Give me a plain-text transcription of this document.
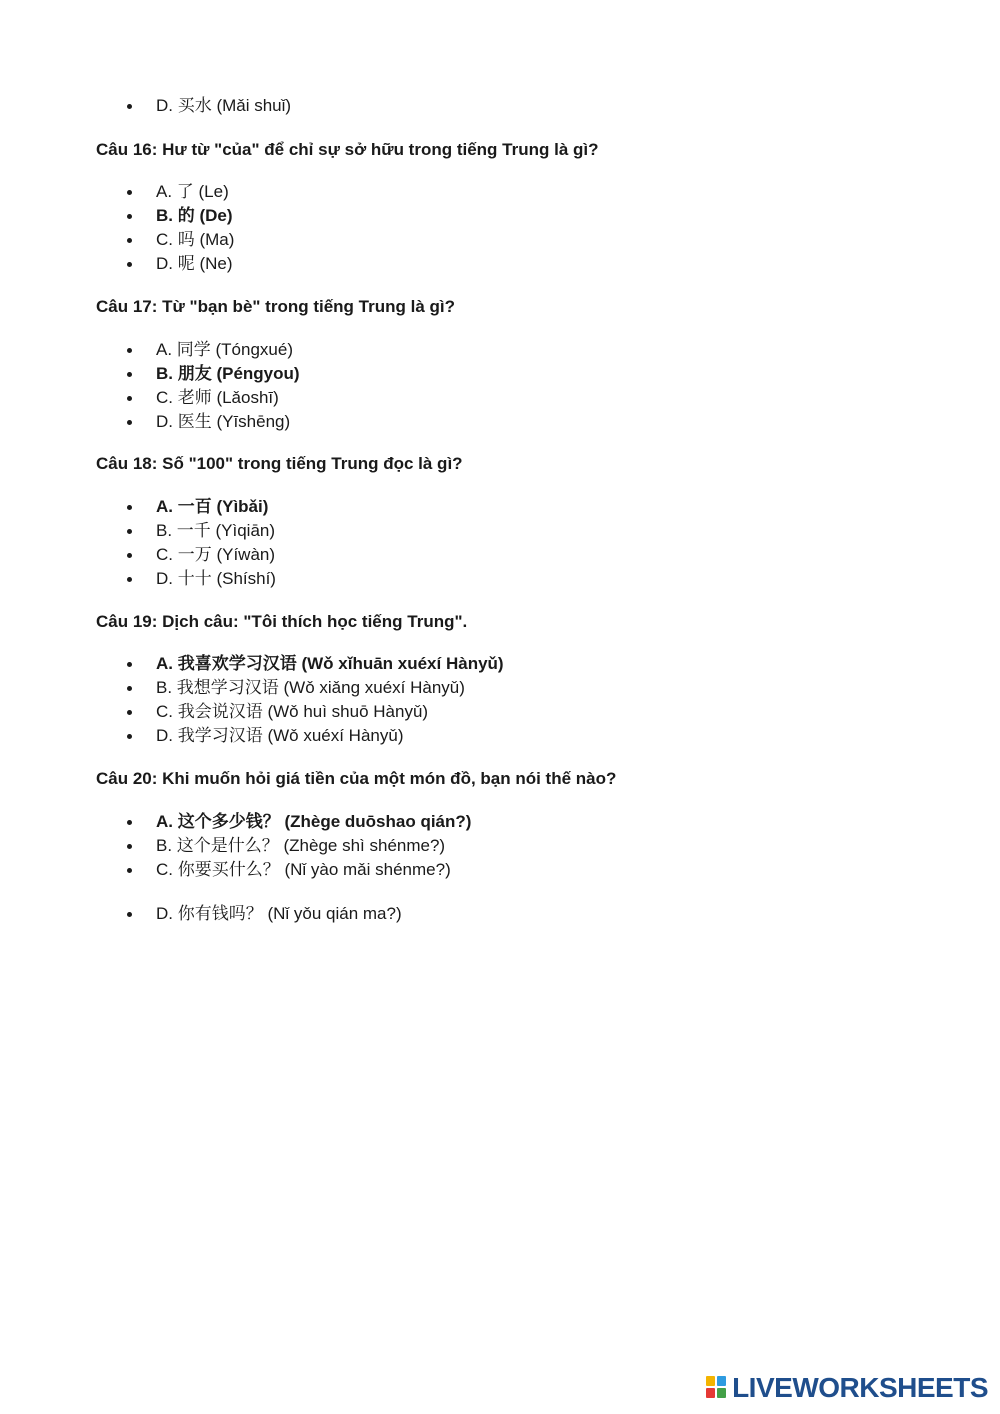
D. 买水 (Mǎi shuǐ)
Câu 16: Hư từ "của" để chỉ sự sở hữu trong tiếng Trung là gì?
A. 了 (Le)
B. 的 (De)
C. 吗 (Ma)
D. 呢 (Ne)
Câu 17: Từ "bạn bè" trong tiếng Trung là gì?
A. 同学 (Tóngxué)
B. 朋友 (Péngyou)
C. 老师 (Lǎoshī)
D. 医生 (Yīshēng)
Câu 18: Số "100" trong tiếng Trung đọc là gì?
A. 一百 (Yìbǎi)
B. 一千 (Yìqiān)
C. 一万 (Yíwàn)
D. 十十 (Shíshí)
Câu 19: Dịch câu: "Tôi thích học tiếng Trung".
A. 我喜欢学习汉语 (Wǒ xǐhuān xuéxí Hànyǔ)
B. 我想学习汉语 (Wǒ xiǎng xuéxí Hànyǔ)
C. 我会说汉语 (Wǒ huì shuō Hànyǔ)
D. 我学习汉语 (Wǒ xuéxí Hànyǔ)
Câu 20: Khi muốn hỏi giá tiền của một món đồ, bạn nói thế nào?
A. 这个多少钱？ (Zhège duōshao qián?)
B. 这个是什么？ (Zhège shì shénme?)
C. 你要买什么？ (Nǐ yào mǎi shénme?)
D. 你有钱吗？ (Nǐ yǒu qián ma?)
LIVEWORKSHEETS
